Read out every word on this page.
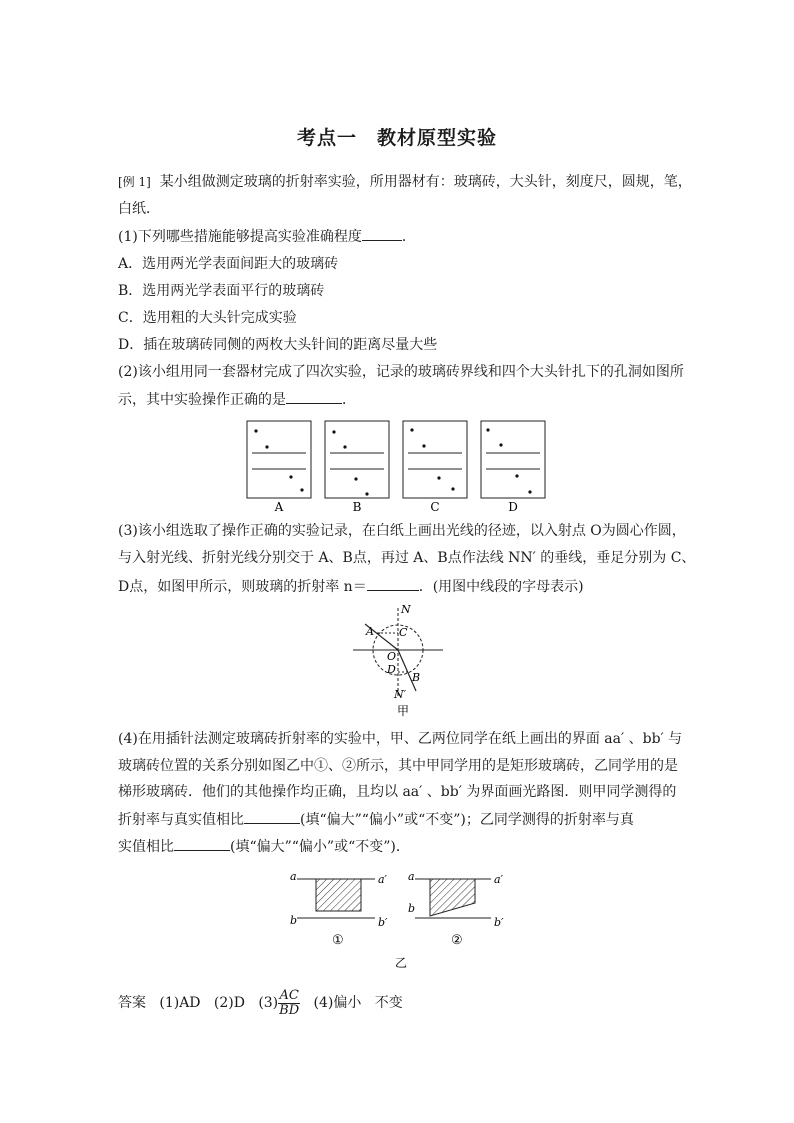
考点一　教材原型实验
[例 1] 某小组做测定玻璃的折射率实验，所用器材有：玻璃砖，大头针，刻度尺，圆规，笔，
白纸．
(1)下列哪些措施能够提高实验准确程度	．
A．选用两光学表面间距大的玻璃砖
B．选用两光学表面平行的玻璃砖
C．选用粗的大头针完成实验
D．插在玻璃砖同侧的两枚大头针间的距离尽量大些
(2)该小组用同一套器材完成了四次实验，记录的玻璃砖界线和四个大头针扎下的孔洞如图所
示，其中实验操作正确的是	．
A	B	C	D
(3)该小组选取了操作正确的实验记录，在白纸上画出光线的径迹，以入射点 O为圆心作圆，
与入射光线、折射光线分别交于 A、B点，再过 A、B点作法线 NN′ 的垂线，垂足分别为 C、
D点，如图甲所示，则玻璃的折射率 n＝	．(用图中线段的字母表示)
N
A C
O
D
B
N′
甲
(4)在用插针法测定玻璃砖折射率的实验中，甲、乙两位同学在纸上画出的界面 aa′ 、bb′ 与
玻璃砖位置的关系分别如图乙中①、②所示，其中甲同学用的是矩形玻璃砖，乙同学用的是
梯形玻璃砖．他们的其他操作均正确，且均以 aa′ 、bb′ 为界面画光路图．则甲同学测得的
折射率与真实值相比	(填“偏大”“偏小”或“不变”)；乙同学测得的折射率与真
实值相比	(填“偏大”“偏小”或“不变”)．
a	a′
b	b′
①
a	a′
b
b′
②
乙
答案 (1)AD (2)D $(3) \frac{AC}{BD} (4)$偏小 不变
